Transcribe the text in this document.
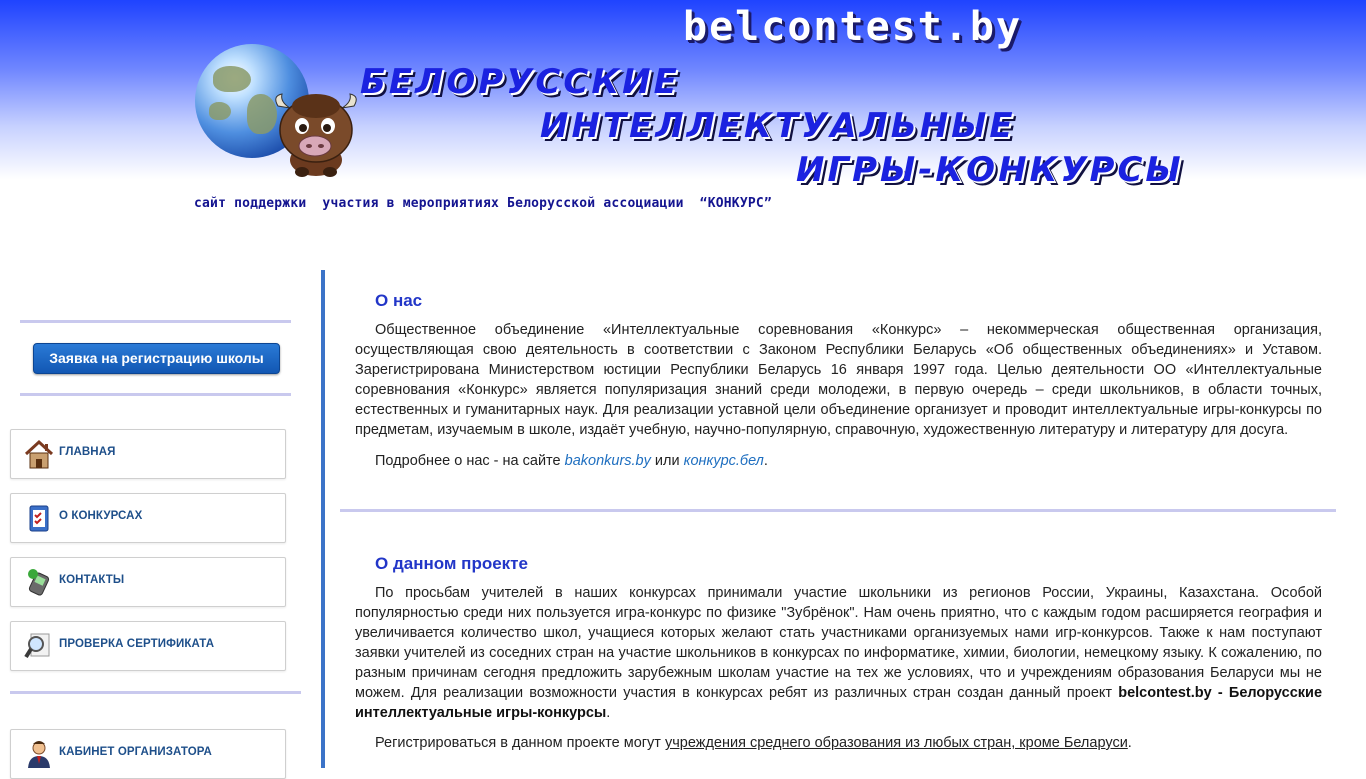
belcontest.by
БЕЛОРУССКИЕ
ИНТЕЛЛЕКТУАЛЬНЫЕ
ИГРЫ-КОНКУРСЫ
сайт поддержки  участия в мероприятиях Белорусской ассоциации  “КОНКУРС”
Заявка на регистрацию школы
ГЛАВНАЯ
О КОНКУРСАХ
КОНТАКТЫ
ПРОВЕРКА СЕРТИФИКАТА
КАБИНЕТ ОРГАНИЗАТОРА
О нас
Общественное объединение «Интеллектуальные соревнования «Конкурс» – некоммерческая общественная организация, осуществляющая свою деятельность в соответствии с Законом Республики Беларусь «Об общественных объединениях» и Уставом. Зарегистрирована Министерством юстиции Республики Беларусь 16 января 1997 года. Целью деятельности ОО «Интеллектуальные соревнования «Конкурс» является популяризация знаний среди молодежи, в первую очередь – среди школьников, в области точных, естественных и гуманитарных наук. Для реализации уставной цели объединение организует и проводит интеллектуальные игры-конкурсы по предметам, изучаемым в школе, издаёт учебную, научно-популярную, справочную, художественную литературу и литературу для досуга.
Подробнее о нас - на сайте bakonkurs.by или конкурс.бел.
О данном проекте
По просьбам учителей в наших конкурсах принимали участие школьники из регионов России, Украины, Казахстана. Особой популярностью среди них пользуется игра-конкурс по физике "Зубрёнок". Нам очень приятно, что с каждым годом расширяется география и увеличивается количество школ, учащиеся которых желают стать участниками организуемых нами игр-конкурсов. Также к нам поступают заявки учителей из соседних стран на участие школьников в конкурсах по информатике, химии, биологии, немецкому языку. К сожалению, по разным причинам сегодня предложить зарубежным школам участие на тех же условиях, что и учреждениям образования Беларуси мы не можем. Для реализации возможности участия в конкурсах ребят из различных стран создан данный проект belcontest.by - Белорусские интеллектуальные игры-конкурсы.
Регистрироваться в данном проекте могут учреждения среднего образования из любых стран, кроме Беларуси.
